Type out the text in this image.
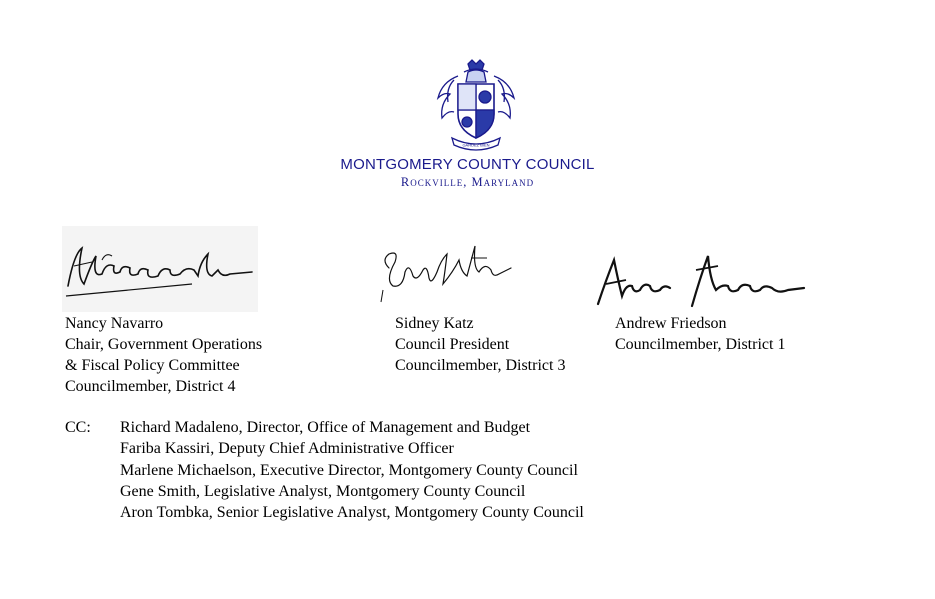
GARDEZ BIEN
MONTGOMERY COUNTY COUNCIL
Rockville, Maryland
Nancy Navarro
Chair, Government Operations
& Fiscal Policy Committee
Councilmember, District 4
Sidney Katz
Council President
Councilmember, District 3
Andrew Friedson
Councilmember, District 1
CC: Richard Madaleno, Director, Office of Management and Budget
Fariba Kassiri, Deputy Chief Administrative Officer
Marlene Michaelson, Executive Director, Montgomery County Council
Gene Smith, Legislative Analyst, Montgomery County Council
Aron Tombka, Senior Legislative Analyst, Montgomery County Council
